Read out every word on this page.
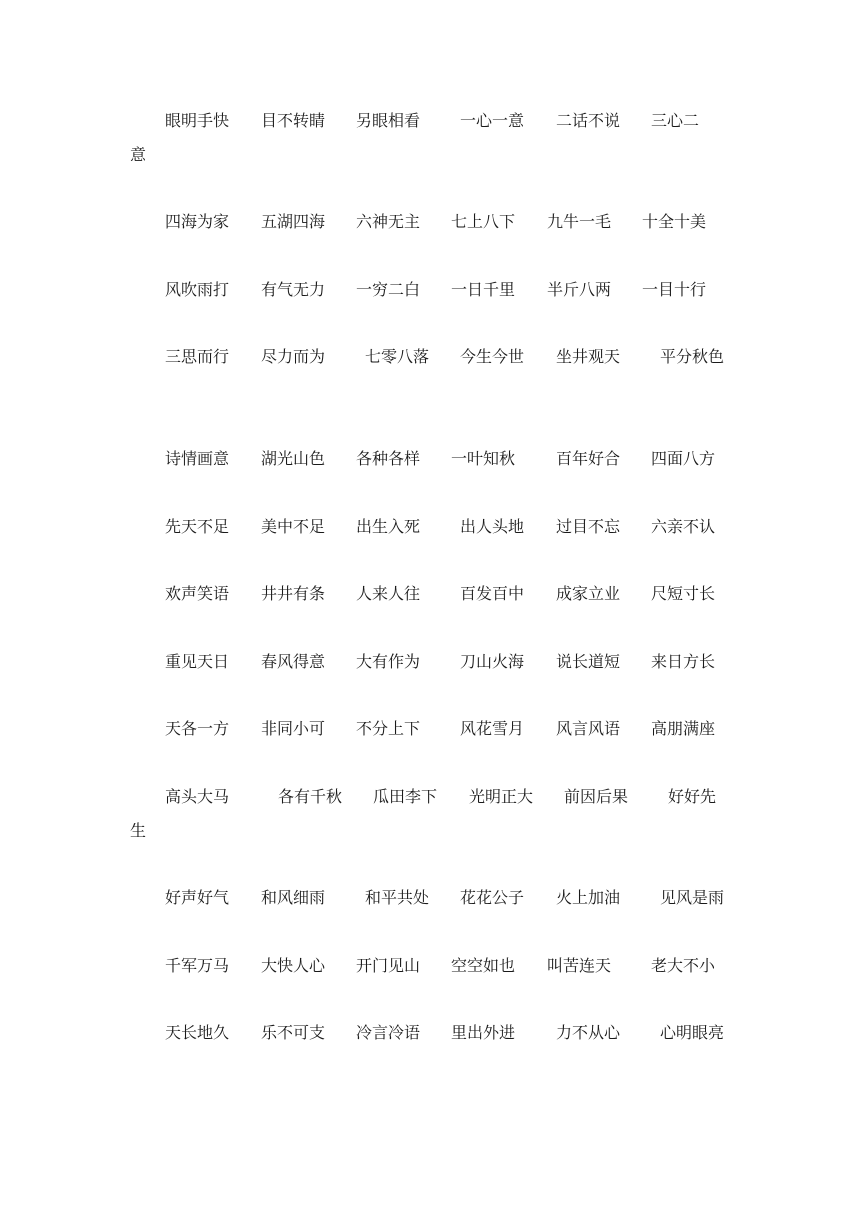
眼明手快 目不转睛 另眼相看 一心一意 二话不说 三心二
意
四海为家 五湖四海 六神无主 七上八下 九牛一毛 十全十美
风吹雨打 有气无力 一穷二白 一日千里 半斤八两 一目十行
三思而行 尽力而为 七零八落 今生今世 坐井观天 平分秋色
诗情画意 湖光山色 各种各样 一叶知秋	百年好合 四面八方
先天不足 美中不足 出生入死 出人头地 过目不忘 六亲不认
欢声笑语 井井有条 人来人往 百发百中 成家立业 尺短寸长
重见天日 春风得意 大有作为 刀山火海 说长道短 来日方长
天各一方 非同小可 不分上下 风花雪月 风言风语 高朋满座
高头大马	各有千秋 瓜田李下 光明正大 前因后果 好好先
生
好声好气 和风细雨 和平共处 花花公子 火上加油 见风是雨
千军万马 大快人心 开门见山 空空如也 叫苦连天 老大不小
天长地久 乐不可支 冷言冷语 里出外进	力不从心 心明眼亮
